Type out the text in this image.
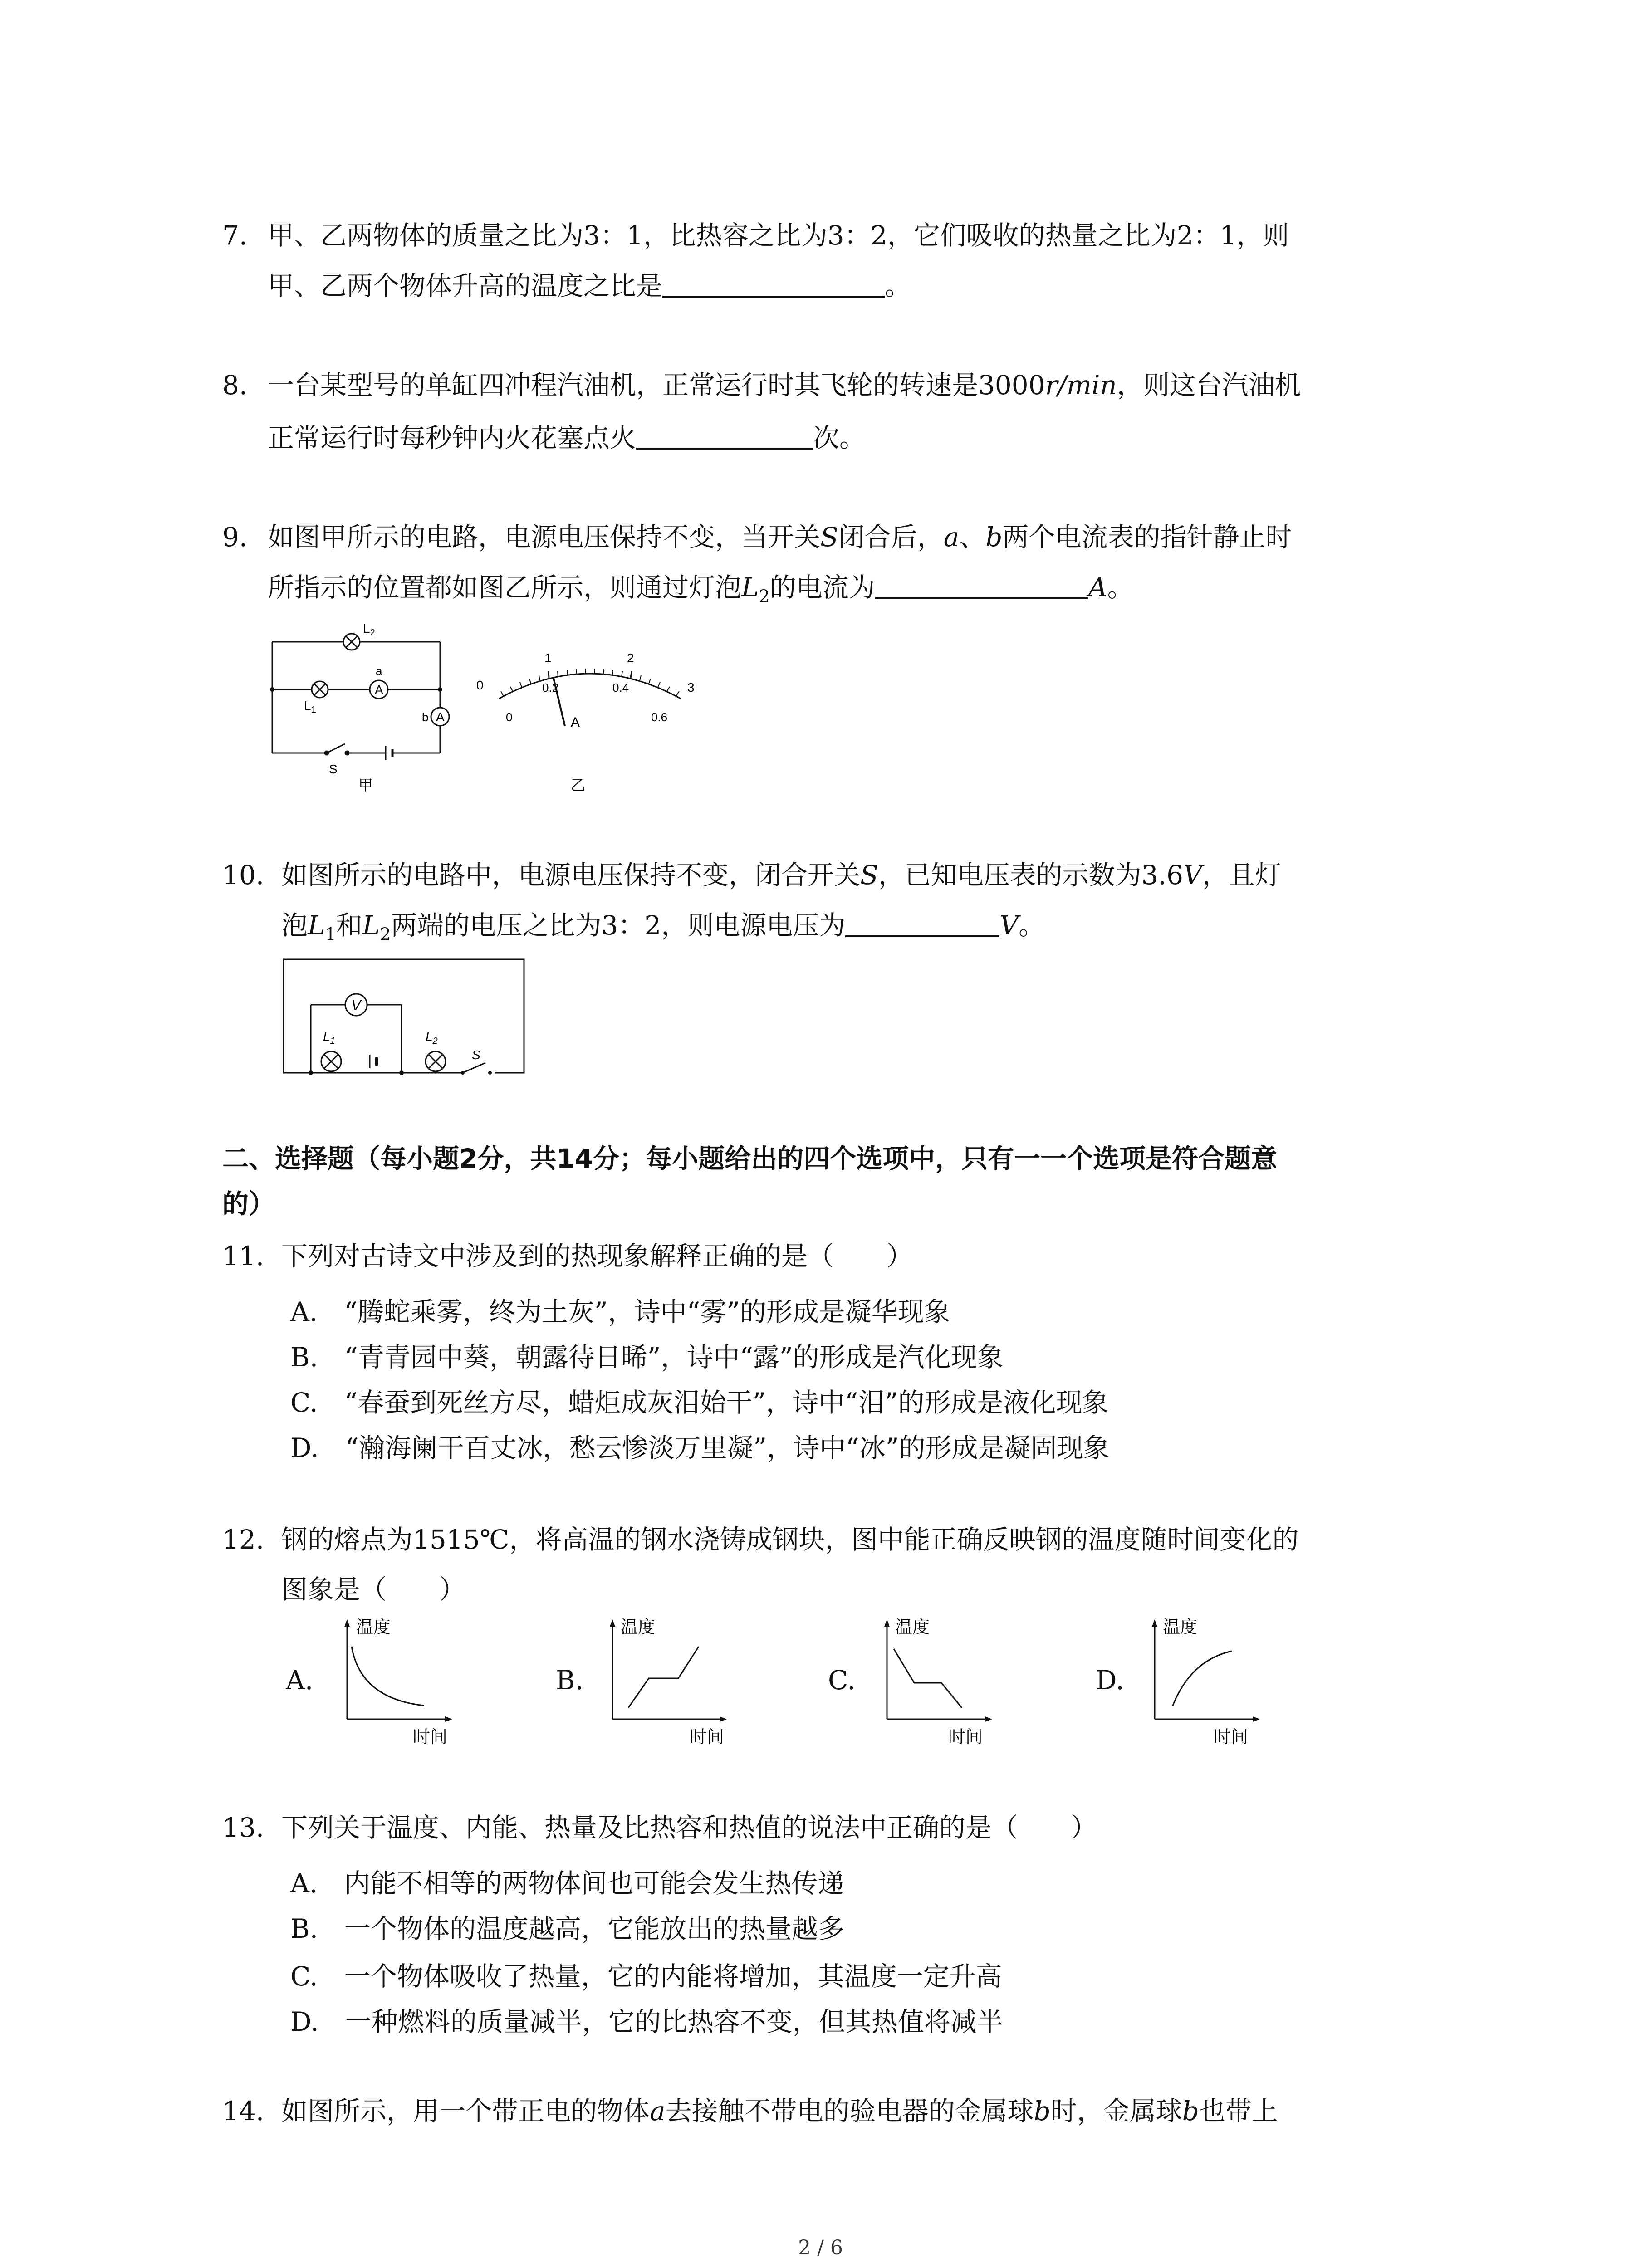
7. 甲、乙两物体的质量之比为3：1，比热容之比为3：2，它们吸收的热量之比为2：1，则
甲、乙两个物体升高的温度之比是	。
8. 一台某型号的单缸四冲程汽油机，正常运行时其飞轮的转速是3000r/min，则这台汽油机
正常运行时每秒钟内火花塞点火	次。
9. 如图甲所示的电路，电源电压保持不变，当开关S闭合后，a、b两个电流表的指针静止时
所指示的位置都如图乙所示，则通过灯泡$L_2$的电流为	A。
$L_2$
$L_1$
a
A
b A
S
甲
0
1	2
3
0
0.2	0.4
0.6
A
乙
10. 如图所示的电路中，电源电压保持不变，闭合开关S，已知电压表的示数为3.6V，且灯
泡$L_1$和$L_2$两端的电压之比为3：2，则电源电压为	V。
V
$L_1$	$L_2$
S
二、选择题（每小题2分，共14分；每小题给出的四个选项中，只有一一个选项是符合题意
的）
11. 下列对古诗文中涉及到的热现象解释正确的是（　　）
A.　“腾蛇乘雾，终为土灰”，诗中“雾”的形成是凝华现象
B.　“青青园中葵，朝露待日晞”，诗中“露”的形成是汽化现象
C.　“春蚕到死丝方尽，蜡炬成灰泪始干”，诗中“泪”的形成是液化现象
D.　“瀚海阑干百丈冰，愁云惨淡万里凝”，诗中“冰”的形成是凝固现象
12. 钢的熔点为1515℃，将高温的钢水浇铸成钢块，图中能正确反映钢的温度随时间变化的
图象是（　　）
A.
温度
时间
B.
温度
时间
C.
温度
时间
D.
温度
时间
13. 下列关于温度、内能、热量及比热容和热值的说法中正确的是（　　）
A.　内能不相等的两物体间也可能会发生热传递
B.　一个物体的温度越高，它能放出的热量越多
C.　一个物体吸收了热量，它的内能将增加，其温度一定升高
D.　一种燃料的质量减半，它的比热容不变，但其热值将减半
14. 如图所示，用一个带正电的物体a去接触不带电的验电器的金属球b时，金属球b也带上
2 / 6
